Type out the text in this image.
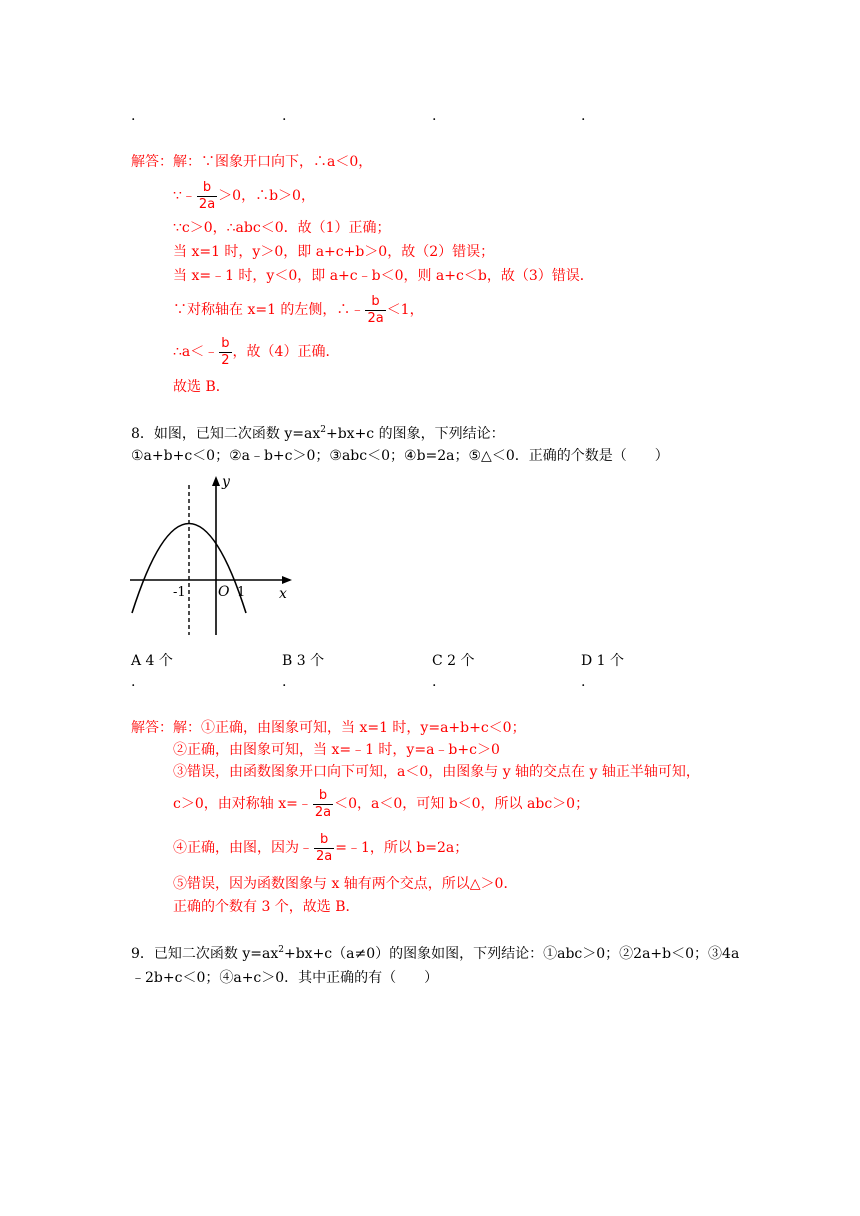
.	.	.	.
解答：解：∵图象开口向下，∴a＜0，
∵﹣ $\frac{b}{2a} >0$，∴b＞0，
∵c＞0，∴abc＜0．故（1）正确；
当 x=1 时，y＞0，即 a+c+b＞0，故（2）错误；
当 x=﹣1 时，y＜0，即 a+c﹣b＜0，则 a+c＜b，故（3）错误．
∵对称轴在 x=1 的左侧，∴﹣ $\frac{b}{2a} <1$，
∴a＜﹣ $\frac{b}{2}$ ，故（4）正确．
故选 B．
8．如图，已知二次函数 $y=ax^2+bx+c$ 的图象，下列结论：
①a+b+c＜0；②a﹣b+c＞0；③abc＜0；④b=2a；⑤△＜0．正确的个数是（　　）
y
x
O
-1	1
A 4 个	B 3 个	C 2 个	D 1 个
.	.	.	.
解答：解：①正确，由图象可知，当 x=1 时，y=a+b+c＜0；
②正确，由图象可知，当 x=﹣1 时，y=a﹣b+c＞0
③错误，由函数图象开口向下可知，a＜0，由图象与 y 轴的交点在 y 轴正半轴可知，
c＞0，由对称轴 x=﹣ $\frac{b}{2a} <0$，a＜0，可知 b＜0，所以 abc＞0；
④正确，由图，因为﹣ $\frac{b}{2a}$ =﹣1，所以 b=2a；
⑤错误，因为函数图象与 x 轴有两个交点，所以△＞0．
正确的个数有 3 个，故选 B．
9．已知二次函数 $y=ax^2+bx+c(a\ne 0)$的图象如图，下列结论：①abc＞0；②2a+b＜0；③4a
﹣2b+c＜0；④a+c＞0．其中正确的有（　　）
